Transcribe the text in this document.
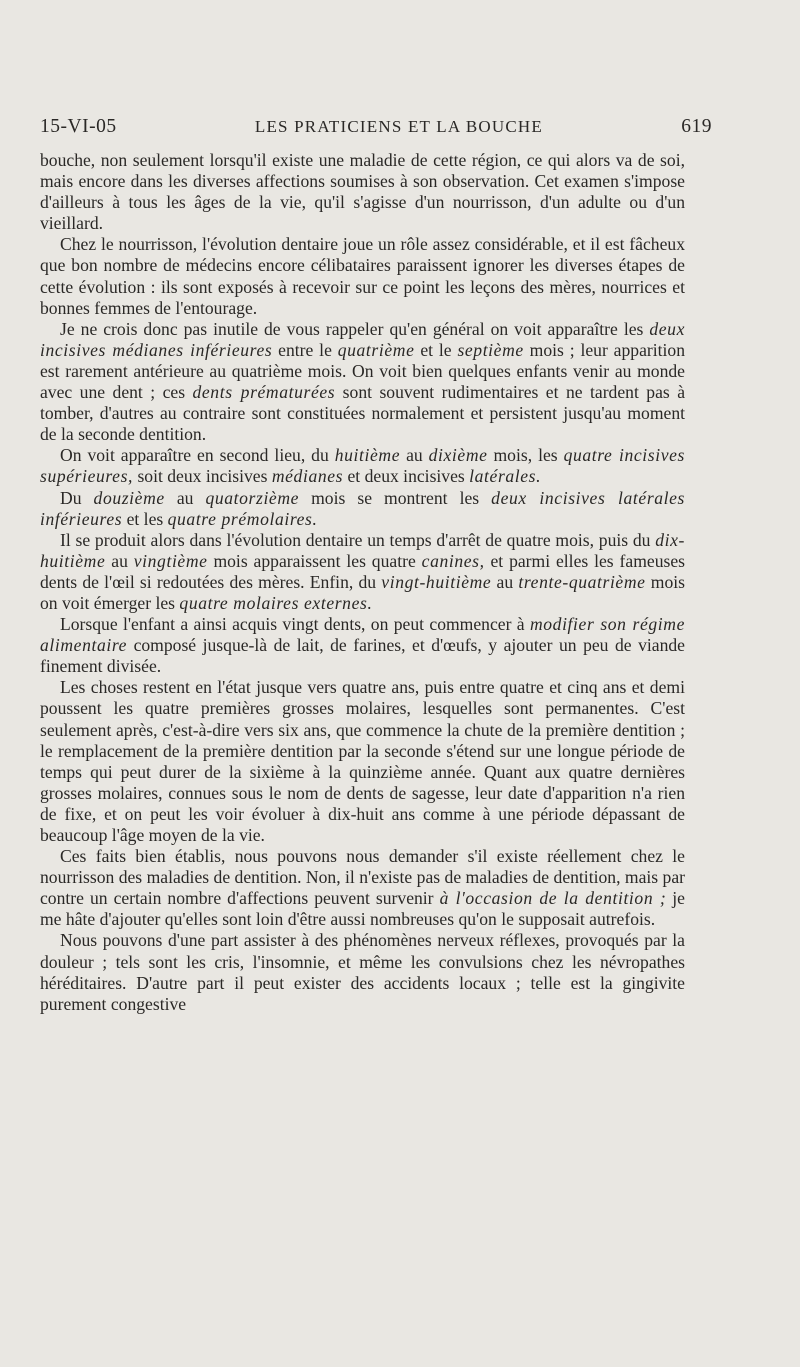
15-VI-05	LES PRATICIENS ET LA BOUCHE	619

bouche, non seulement lorsqu'il existe une maladie de cette région, ce qui alors va de soi, mais encore dans les diverses affections soumises à son observation. Cet examen s'impose d'ailleurs à tous les âges de la vie, qu'il s'agisse d'un nourrisson, d'un adulte ou d'un vieillard.

Chez le nourrisson, l'évolution dentaire joue un rôle assez considérable, et il est fâcheux que bon nombre de médecins encore célibataires paraissent ignorer les diverses étapes de cette évolution : ils sont exposés à recevoir sur ce point les leçons des mères, nourrices et bonnes femmes de l'entourage.

Je ne crois donc pas inutile de vous rappeler qu'en général on voit apparaître les deux incisives médianes inférieures entre le quatrième et le septième mois ; leur apparition est rarement antérieure au quatrième mois. On voit bien quelques enfants venir au monde avec une dent ; ces dents prématurées sont souvent rudimentaires et ne tardent pas à tomber, d'autres au contraire sont constituées normalement et persistent jusqu'au moment de la seconde dentition.

On voit apparaître en second lieu, du huitième au dixième mois, les quatre incisives supérieures, soit deux incisives médianes et deux incisives latérales.

Du douzième au quatorzième mois se montrent les deux incisives latérales inférieures et les quatre prémolaires.

Il se produit alors dans l'évolution dentaire un temps d'arrêt de quatre mois, puis du dix-huitième au vingtième mois apparaissent les quatre canines, et parmi elles les fameuses dents de l'œil si redoutées des mères. Enfin, du vingt-huitième au trente-quatrième mois on voit émerger les quatre molaires externes.

Lorsque l'enfant a ainsi acquis vingt dents, on peut commencer à modifier son régime alimentaire composé jusque-là de lait, de farines, et d'œufs, y ajouter un peu de viande finement divisée.

Les choses restent en l'état jusque vers quatre ans, puis entre quatre et cinq ans et demi poussent les quatre premières grosses molaires, lesquelles sont permanentes. C'est seulement après, c'est-à-dire vers six ans, que commence la chute de la première dentition ; le remplacement de la première dentition par la seconde s'étend sur une longue période de temps qui peut durer de la sixième à la quinzième année. Quant aux quatre dernières grosses molaires, connues sous le nom de dents de sagesse, leur date d'apparition n'a rien de fixe, et on peut les voir évoluer à dix-huit ans comme à une période dépassant de beaucoup l'âge moyen de la vie.

Ces faits bien établis, nous pouvons nous demander s'il existe réellement chez le nourrisson des maladies de dentition. Non, il n'existe pas de maladies de dentition, mais par contre un certain nombre d'affections peuvent survenir à l'occasion de la dentition ; je me hâte d'ajouter qu'elles sont loin d'être aussi nombreuses qu'on le supposait autrefois.

Nous pouvons d'une part assister à des phénomènes nerveux réflexes, provoqués par la douleur ; tels sont les cris, l'insomnie, et même les convulsions chez les névropathes héréditaires. D'autre part il peut exister des accidents locaux ; telle est la gingivite purement congestive
